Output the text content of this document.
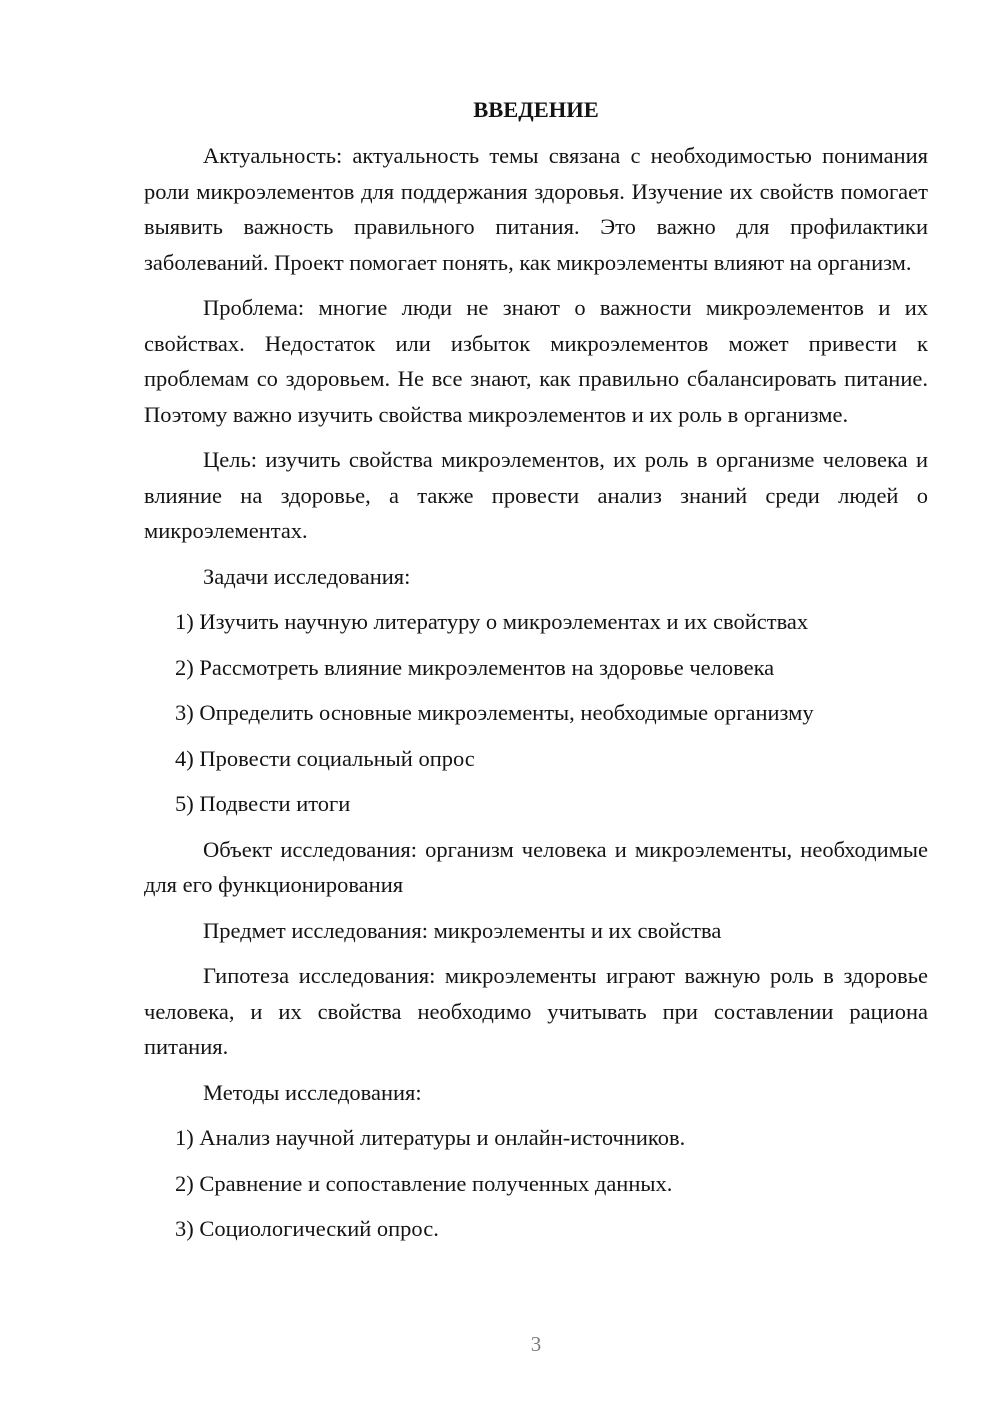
ВВЕДЕНИЕ

Актуальность: актуальность темы связана с необходимостью понимания роли микроэлементов для поддержания здоровья. Изучение их свойств помогает выявить важность правильного питания. Это важно для профилактики заболеваний. Проект помогает понять, как микроэлементы влияют на организм.

Проблема: многие люди не знают о важности микроэлементов и их свойствах. Недостаток или избыток микроэлементов может привести к проблемам со здоровьем. Не все знают, как правильно сбалансировать питание. Поэтому важно изучить свойства микроэлементов и их роль в организме.

Цель: изучить свойства микроэлементов, их роль в организме человека и влияние на здоровье, а также провести анализ знаний среди людей о микроэлементах.

Задачи исследования:

1) Изучить научную литературу о микроэлементах и их свойствах
2) Рассмотреть влияние микроэлементов на здоровье человека
3) Определить основные микроэлементы, необходимые организму
4) Провести социальный опрос
5) Подвести итоги

Объект исследования: организм человека и микроэлементы, необходимые для его функционирования

Предмет исследования: микроэлементы и их свойства

Гипотеза исследования: микроэлементы играют важную роль в здоровье человека, и их свойства необходимо учитывать при составлении рациона питания.

Методы исследования:

1) Анализ научной литературы и онлайн-источников.
2) Сравнение и сопоставление полученных данных.
3) Социологический опрос.
3
